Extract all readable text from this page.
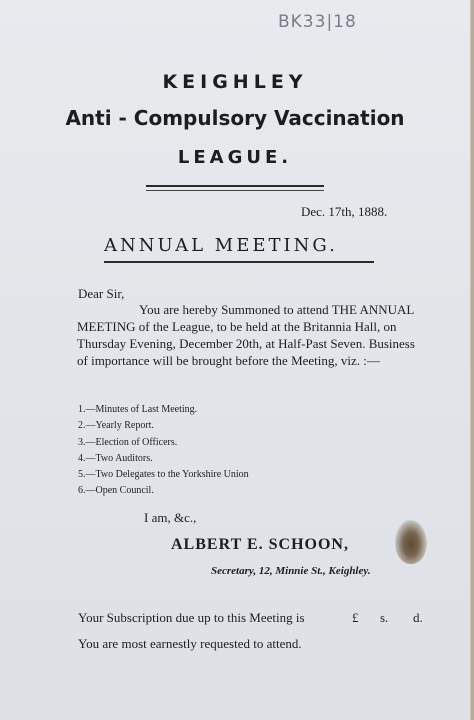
BK33|18
KEIGHLEY
Anti - Compulsory Vaccination
LEAGUE.
Dec. 17th, 1888.
ANNUAL MEETING.
Dear Sir,
You are hereby Summoned to attend THE ANNUAL MEETING of the League, to be held at the Britannia Hall, on Thursday Evening, December 20th, at Half-Past Seven. Business of importance will be brought before the Meeting, viz. :—
1.—Minutes of Last Meeting.
2.—Yearly Report.
3.—Election of Officers.
4.—Two Auditors.
5.—Two Delegates to the Yorkshire Union
6.—Open Council.
I am, &c.,
ALBERT E. SCHOON,
Secretary, 12, Minnie St., Keighley.
Your Subscription due up to this Meeting is	£ s. d.
You are most earnestly requested to attend.
